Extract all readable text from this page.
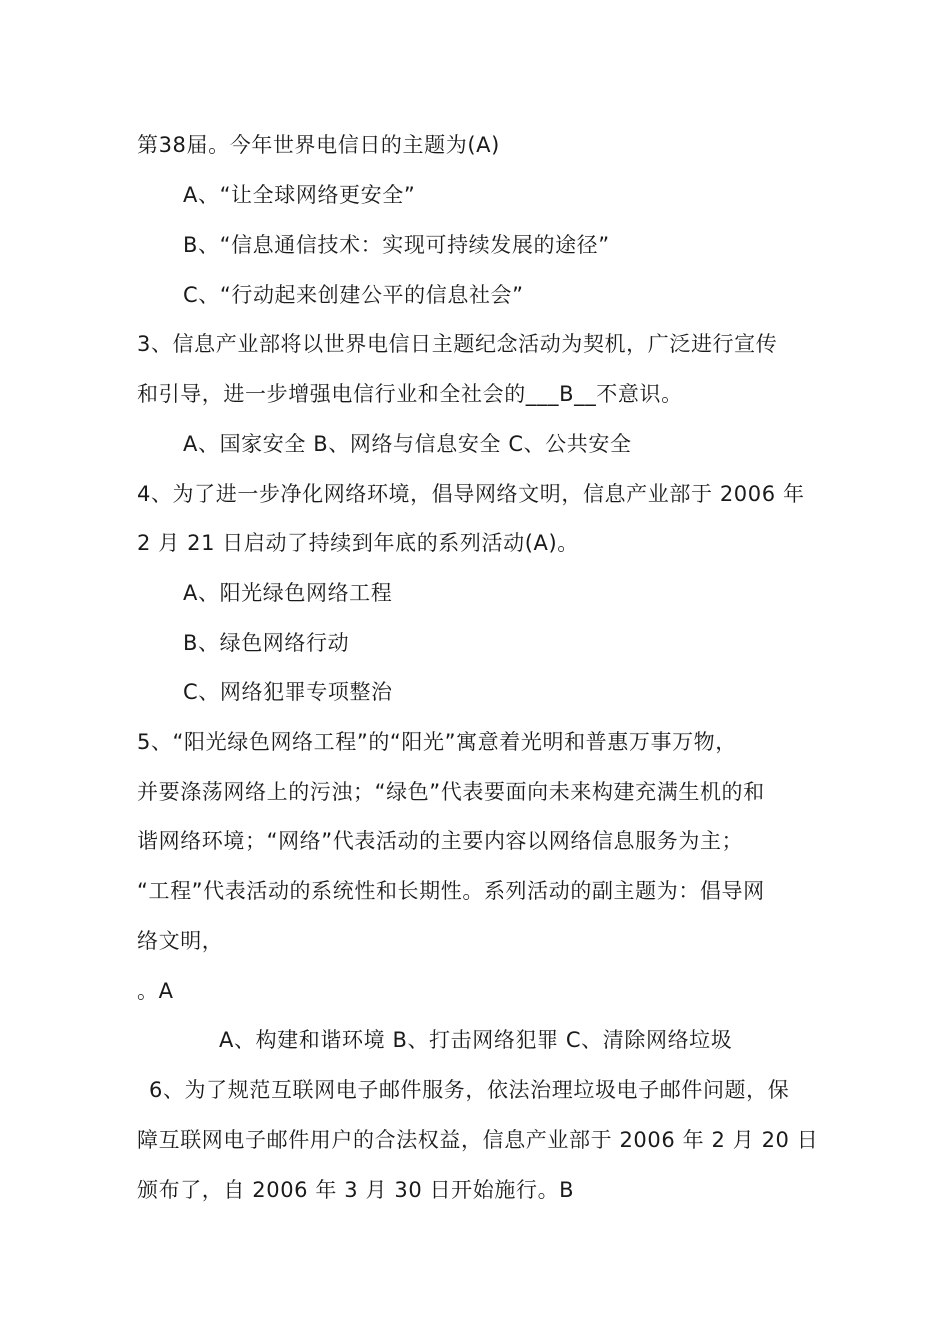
第38届。今年世界电信日的主题为(A)
A、“让全球网络更安全”
B、“信息通信技术：实现可持续发展的途径”
C、“行动起来创建公平的信息社会”
3、信息产业部将以世界电信日主题纪念活动为契机，广泛进行宣传
和引导，进一步增强电信行业和全社会的___B__不意识。
A、国家安全 B、网络与信息安全 C、公共安全
4、为了进一步净化网络环境，倡导网络文明，信息产业部于 2006 年
2 月 21 日启动了持续到年底的系列活动(A)。
A、阳光绿色网络工程
B、绿色网络行动
C、网络犯罪专项整治
5、“阳光绿色网络工程”的“阳光”寓意着光明和普惠万事万物，
并要涤荡网络上的污浊；“绿色”代表要面向未来构建充满生机的和
谐网络环境；“网络”代表活动的主要内容以网络信息服务为主；
“工程”代表活动的系统性和长期性。系列活动的副主题为：倡导网
络文明，
。A
A、构建和谐环境 B、打击网络犯罪 C、清除网络垃圾
6、为了规范互联网电子邮件服务，依法治理垃圾电子邮件问题，保
障互联网电子邮件用户的合法权益，信息产业部于 2006 年 2 月 20 日
颁布了，自 2006 年 3 月 30 日开始施行。B
